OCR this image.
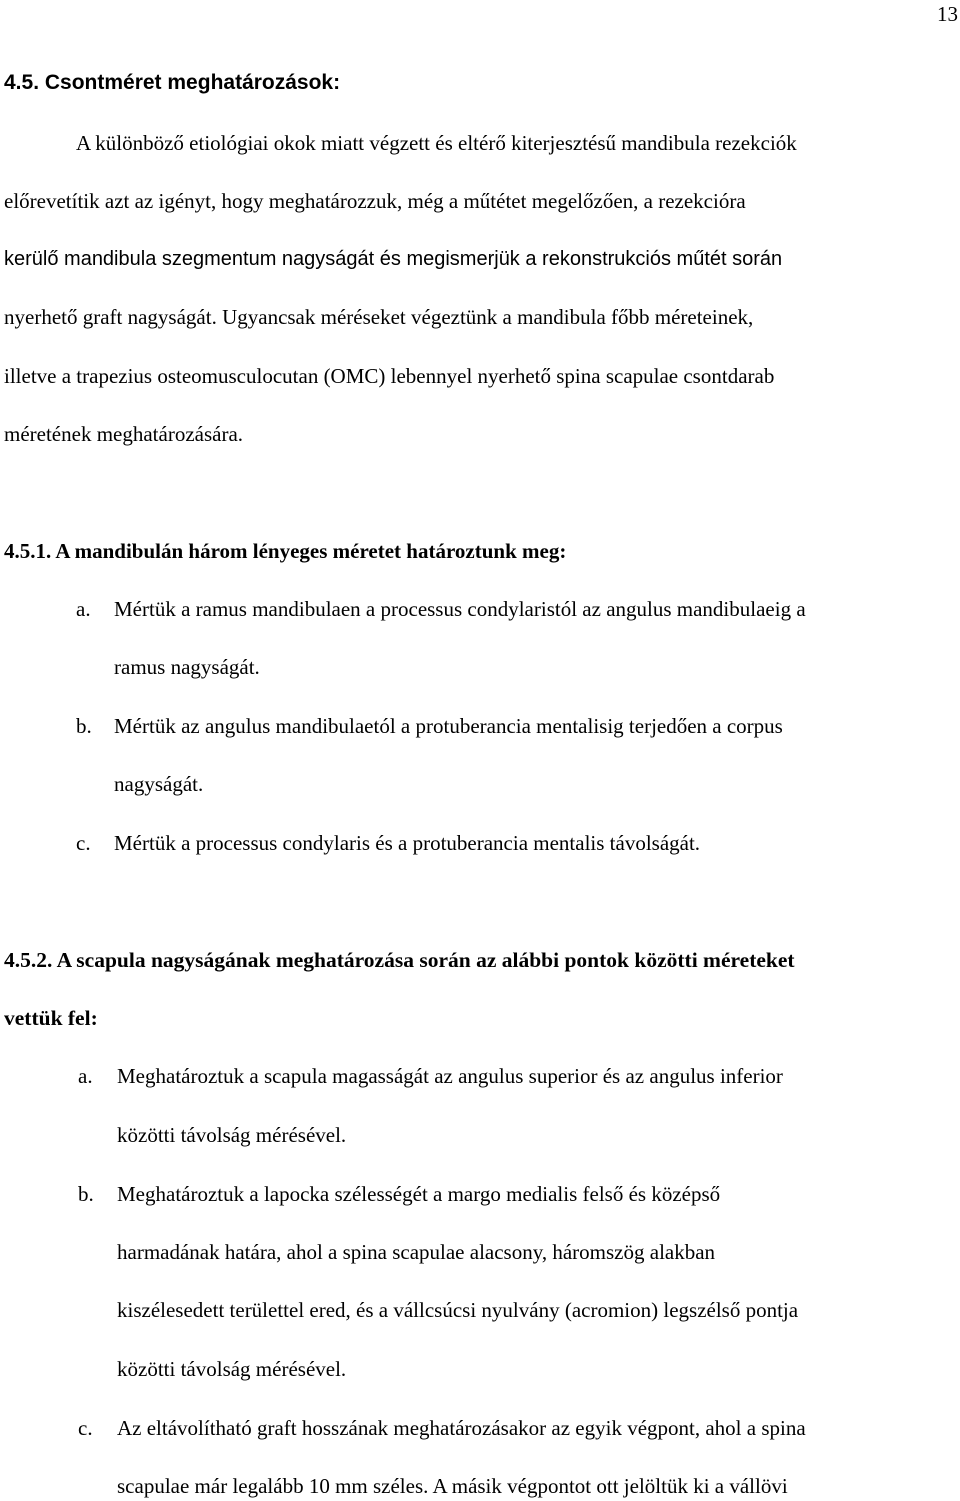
13
4.5. Csontméret meghatározások:
A különböző etiológiai okok miatt végzett és eltérő kiterjesztésű mandibula rezekciók
előrevetítik azt az igényt, hogy meghatározzuk, még a műtétet megelőzően, a rezekcióra
kerülő mandibula szegmentum nagyságát és megismerjük a rekonstrukciós műtét során
nyerhető graft nagyságát. Ugyancsak méréseket végeztünk a mandibula főbb méreteinek,
illetve a trapezius osteomusculocutan (OMC) lebennyel nyerhető spina scapulae csontdarab
méretének meghatározására.
4.5.1. A mandibulán három lényeges méretet határoztunk meg:
a. Mértük a ramus mandibulaen a processus condylaristól az angulus mandibulaeig a
ramus nagyságát.
b. Mértük az angulus mandibulaetól a protuberancia mentalisig terjedően a corpus
nagyságát.
c. Mértük a processus condylaris és a protuberancia mentalis távolságát.
4.5.2. A scapula nagyságának meghatározása során az alábbi pontok közötti méreteket
vettük fel:
a. Meghatároztuk a scapula magasságát az angulus superior és az angulus inferior
közötti távolság mérésével.
b. Meghatároztuk a lapocka szélességét a margo medialis felső és középső
harmadának határa, ahol a spina scapulae alacsony, háromszög alakban
kiszélesedett területtel ered, és a vállcsúcsi nyulvány (acromion) legszélső pontja
közötti távolság mérésével.
c. Az eltávolítható graft hosszának meghatározásakor az egyik végpont, ahol a spina
scapulae már legalább 10 mm széles. A másik végpontot ott jelöltük ki a vállövi
